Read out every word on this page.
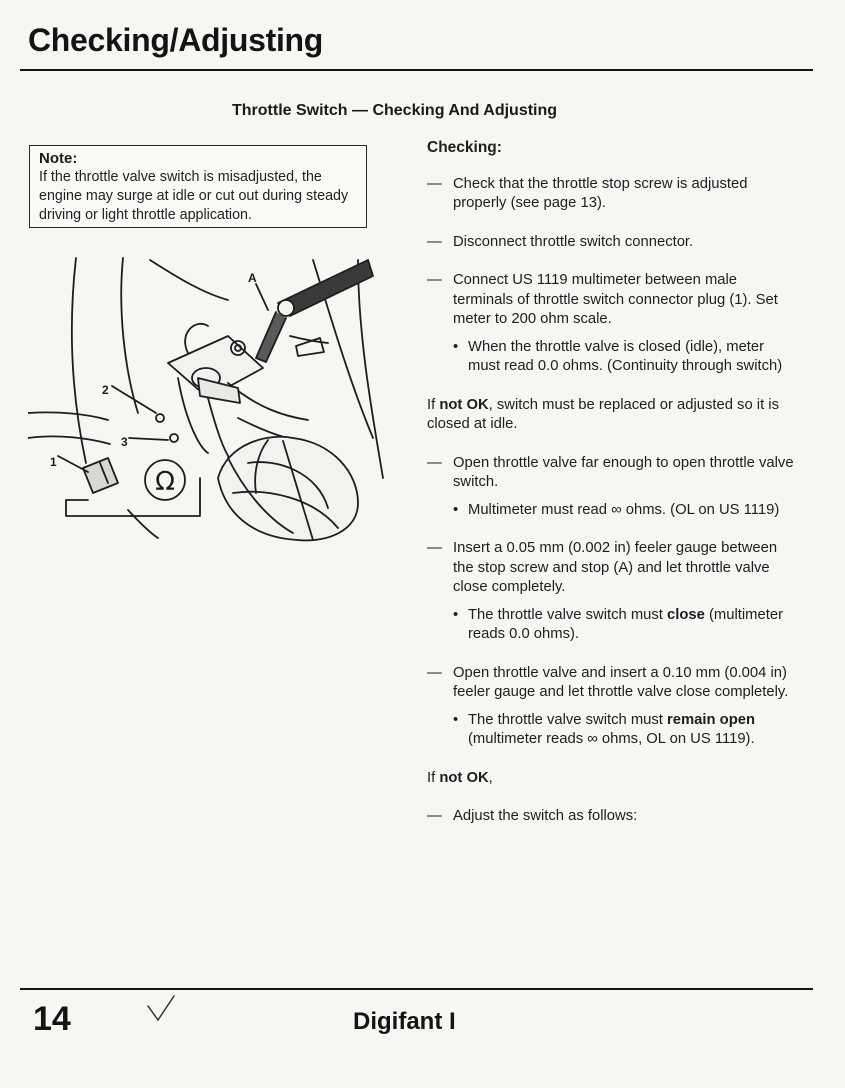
Checking/Adjusting
Throttle Switch — Checking And Adjusting

Note:

If the throttle valve switch is misadjusted, the engine may surge at idle or cut out during steady driving or light throttle application.

A
1
2
3
Ω

Checking:

— Check that the throttle stop screw is adjusted properly (see page 13).
— Disconnect throttle switch connector.
— Connect US 1119 multimeter between male terminals of throttle switch connector plug (1). Set meter to 200 ohm scale.
• When the throttle valve is closed (idle), meter must read 0.0 ohms. (Continuity through switch)

If not OK, switch must be replaced or adjusted so it is closed at idle.

— Open throttle valve far enough to open throttle valve switch.
• Multimeter must read ∞ ohms. (OL on US 1119)
— Insert a 0.05 mm (0.002 in) feeler gauge between the stop screw and stop (A) and let throttle valve close completely.
• The throttle valve switch must close (multimeter reads 0.0 ohms).
— Open throttle valve and insert a 0.10 mm (0.004 in) feeler gauge and let throttle valve close completely.
• The throttle valve switch must remain open (multimeter reads ∞ ohms, OL on US 1119).

If not OK,

— Adjust the switch as follows:

14	Digifant I
